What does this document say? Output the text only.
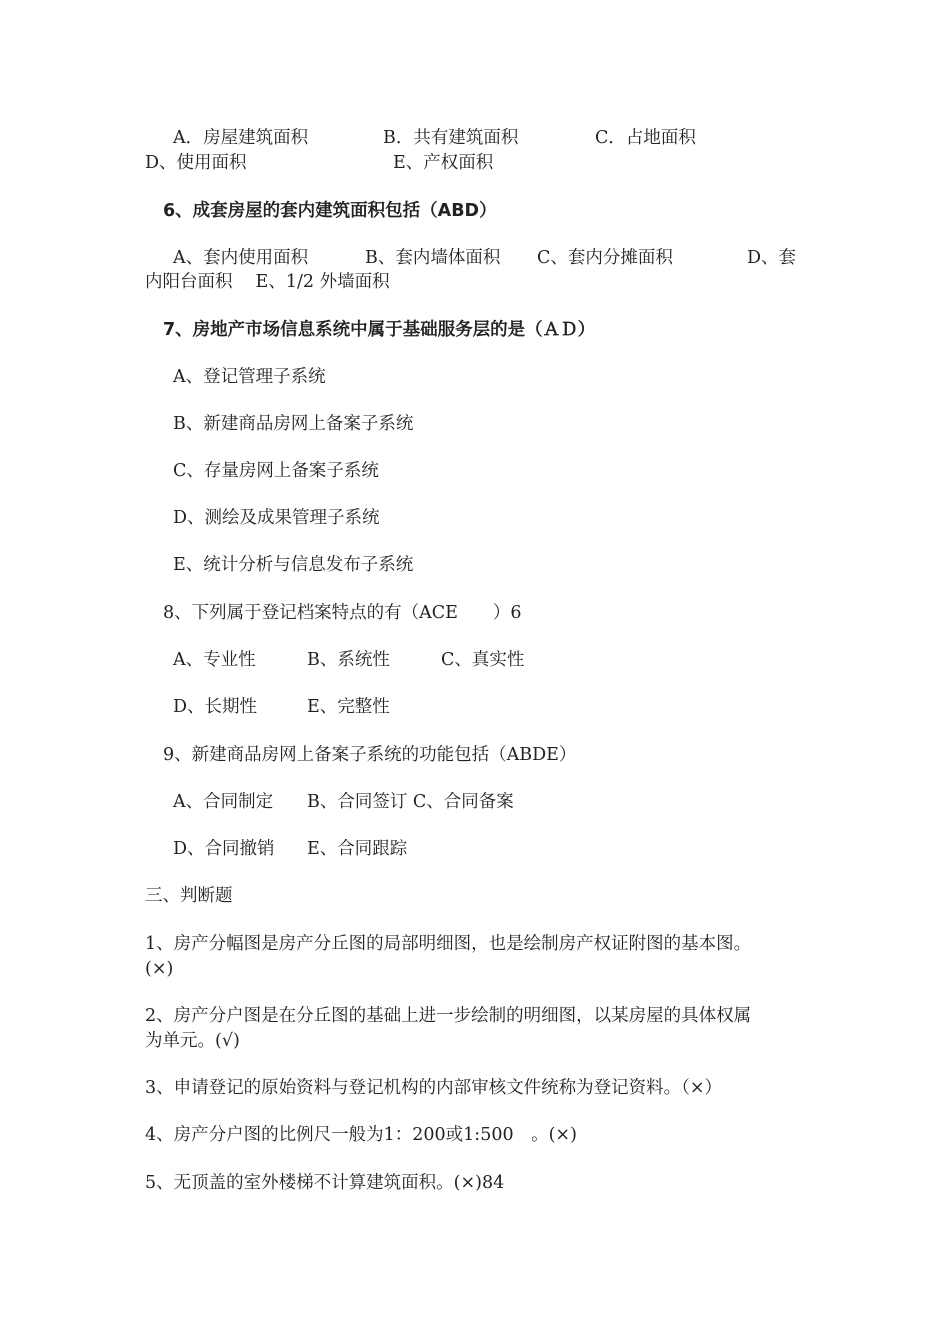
A．房屋建筑面积	B．共有建筑面积	C．占地面积
D、使用面积	E、产权面积
6、成套房屋的套内建筑面积包括（ABD）
A、套内使用面积	B、套内墙体面积 C、套内分摊面积	D、套
内阳台面积　 E、1/2 外墙面积
7、房地产市场信息系统中属于基础服务层的是（ＡＤ）
A、登记管理子系统
B、新建商品房网上备案子系统
C、存量房网上备案子系统
D、测绘及成果管理子系统
E、统计分析与信息发布子系统
8、下列属于登记档案特点的有（ACE　　）6
A、专业性	B、系统性	C、真实性
D、长期性	E、完整性
9、新建商品房网上备案子系统的功能包括（ABDE）
A、合同制定 B、合同签订 C、合同备案
D、合同撤销 E、合同跟踪
三、判断题
1、房产分幅图是房产分丘图的局部明细图，也是绘制房产权证附图的基本图。
(×)
2、房产分户图是在分丘图的基础上进一步绘制的明细图，以某房屋的具体权属
为单元。(√)
3、申请登记的原始资料与登记机构的内部审核文件统称为登记资料。（×）
4、房产分户图的比例尺一般为1：200或1:500　。(×)
5、无顶盖的室外楼梯不计算建筑面积。(×)84
